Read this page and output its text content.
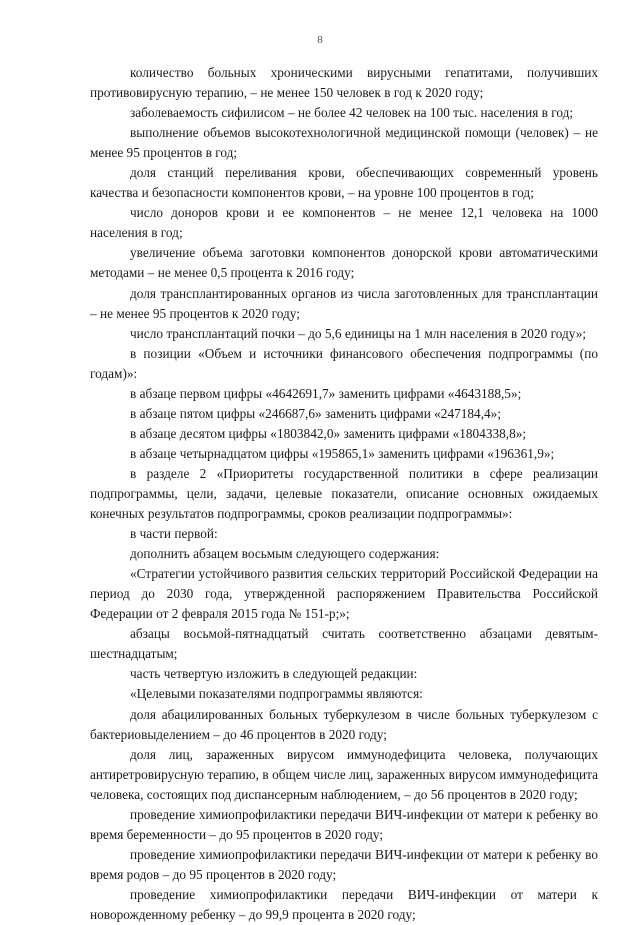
8

количество больных хроническими вирусными гепатитами, получивших противовирусную терапию, – не менее 150 человек в год к 2020 году;

заболеваемость сифилисом – не более 42 человек на 100 тыс. населения в год;

выполнение объемов высокотехнологичной медицинской помощи (человек) – не менее 95 процентов в год;

доля станций переливания крови, обеспечивающих современный уровень качества и безопасности компонентов крови, – на уровне 100 процентов в год;

число доноров крови и ее компонентов – не менее 12,1 человека на 1000 населения в год;

увеличение объема заготовки компонентов донорской крови автоматическими методами – не менее 0,5 процента к 2016 году;

доля трансплантированных органов из числа заготовленных для трансплантации – не менее 95 процентов к 2020 году;

число трансплантаций почки – до 5,6 единицы на 1 млн населения в 2020 году»;

в позиции «Объем и источники финансового обеспечения подпрограммы (по годам)»:

в абзаце первом цифры «4642691,7» заменить цифрами «4643188,5»;

в абзаце пятом цифры «246687,6» заменить цифрами «247184,4»;

в абзаце десятом цифры «1803842,0» заменить цифрами «1804338,8»;

в абзаце четырнадцатом цифры «195865,1» заменить цифрами «196361,9»;

в разделе 2 «Приоритеты государственной политики в сфере реализации подпрограммы, цели, задачи, целевые показатели, описание основных ожидаемых конечных результатов подпрограммы, сроков реализации подпрограммы»:

в части первой:

дополнить абзацем восьмым следующего содержания:

«Стратегии устойчивого развития сельских территорий Российской Федерации на период до 2030 года, утвержденной распоряжением Правительства Российской Федерации от 2 февраля 2015 года № 151-р;»;

абзацы восьмой-пятнадцатый считать соответственно абзацами девятым-шестнадцатым;

часть четвертую изложить в следующей редакции:

«Целевыми показателями подпрограммы являются:

доля абацилированных больных туберкулезом в числе больных туберкулезом с бактериовыделением – до 46 процентов в 2020 году;

доля лиц, зараженных вирусом иммунодефицита человека, получающих антиретровирусную терапию, в общем числе лиц, зараженных вирусом иммунодефицита человека, состоящих под диспансерным наблюдением, – до 56 процентов в 2020 году;

проведение химиопрофилактики передачи ВИЧ-инфекции от матери к ребенку во время беременности – до 95 процентов в 2020 году;

проведение химиопрофилактики передачи ВИЧ-инфекции от матери к ребенку во время родов – до 95 процентов в 2020 году;

проведение химиопрофилактики передачи ВИЧ-инфекции от матери к новорожденному ребенку – до 99,9 процента в 2020 году;
